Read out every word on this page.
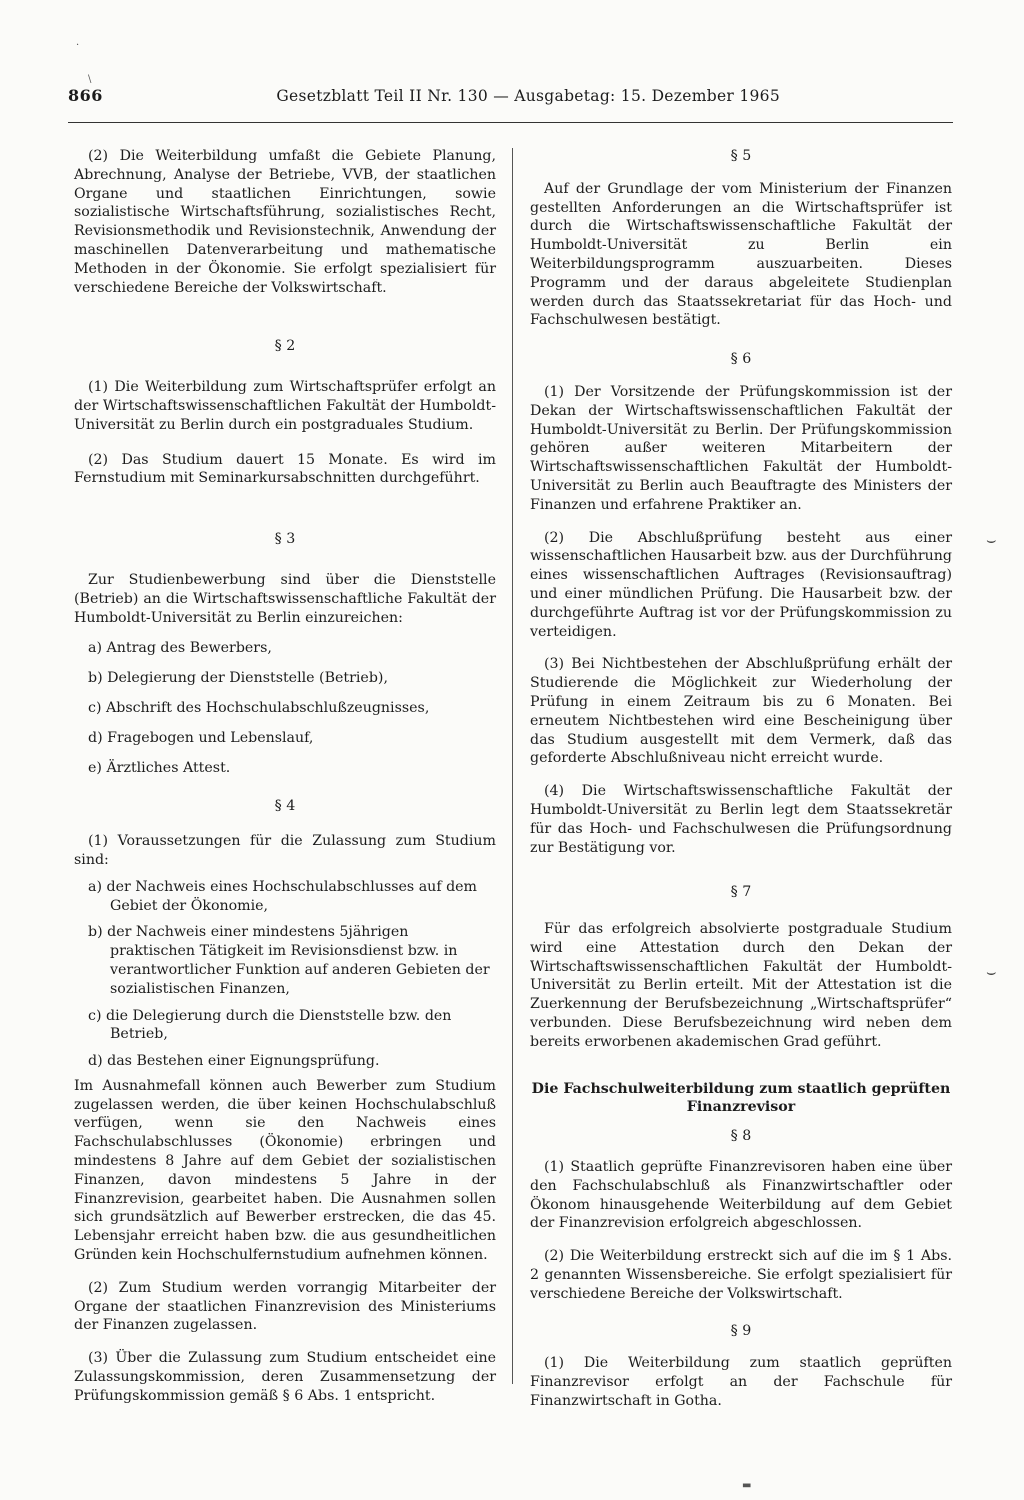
866	Gesetzblatt Teil II Nr. 130 — Ausgabetag: 15. Dezember 1965
·
\
⌣
⌣
▬

(2) Die Weiterbildung umfaßt die Gebiete Planung, Abrechnung, Analyse der Betriebe, VVB, der staatlichen Organe und staatlichen Einrichtungen, sowie sozialistische Wirtschaftsführung, sozialistisches Recht, Revisionsmethodik und Revisionstechnik, Anwendung der maschinellen Datenverarbeitung und mathematische Methoden in der Ökonomie. Sie erfolgt spezialisiert für verschiedene Bereiche der Volkswirtschaft.

§ 2

(1) Die Weiterbildung zum Wirtschaftsprüfer erfolgt an der Wirtschaftswissenschaftlichen Fakultät der Humboldt-Universität zu Berlin durch ein postgraduales Studium.

(2) Das Studium dauert 15 Monate. Es wird im Fernstudium mit Seminarkursabschnitten durchgeführt.

§ 3

Zur Studienbewerbung sind über die Dienststelle (Betrieb) an die Wirtschaftswissenschaftliche Fakultät der Humboldt-Universität zu Berlin einzureichen:

a) Antrag des Bewerbers,

b) Delegierung der Dienststelle (Betrieb),

c) Abschrift des Hochschulabschlußzeugnisses,

d) Fragebogen und Lebenslauf,

e) Ärztliches Attest.

§ 4

(1) Voraussetzungen für die Zulassung zum Studium sind:

a) der Nachweis eines Hochschulabschlusses auf dem Gebiet der Ökonomie,

b) der Nachweis einer mindestens 5jährigen praktischen Tätigkeit im Revisionsdienst bzw. in verantwortlicher Funktion auf anderen Gebieten der sozialistischen Finanzen,

c) die Delegierung durch die Dienststelle bzw. den Betrieb,

d) das Bestehen einer Eignungsprüfung.

Im Ausnahmefall können auch Bewerber zum Studium zugelassen werden, die über keinen Hochschulabschluß verfügen, wenn sie den Nachweis eines Fachschulabschlusses (Ökonomie) erbringen und mindestens 8 Jahre auf dem Gebiet der sozialistischen Finanzen, davon mindestens 5 Jahre in der Finanzrevision, gearbeitet haben. Die Ausnahmen sollen sich grundsätzlich auf Bewerber erstrecken, die das 45. Lebensjahr erreicht haben bzw. die aus gesundheitlichen Gründen kein Hochschulfernstudium aufnehmen können.

(2) Zum Studium werden vorrangig Mitarbeiter der Organe der staatlichen Finanzrevision des Ministeriums der Finanzen zugelassen.

(3) Über die Zulassung zum Studium entscheidet eine Zulassungskommission, deren Zusammensetzung der Prüfungskommission gemäß § 6 Abs. 1 entspricht.

§ 5

Auf der Grundlage der vom Ministerium der Finanzen gestellten Anforderungen an die Wirtschaftsprüfer ist durch die Wirtschaftswissenschaftliche Fakultät der Humboldt-Universität zu Berlin ein Weiterbildungsprogramm auszuarbeiten. Dieses Programm und der daraus abgeleitete Studienplan werden durch das Staatssekretariat für das Hoch- und Fachschulwesen bestätigt.

§ 6

(1) Der Vorsitzende der Prüfungskommission ist der Dekan der Wirtschaftswissenschaftlichen Fakultät der Humboldt-Universität zu Berlin. Der Prüfungskommission gehören außer weiteren Mitarbeitern der Wirtschaftswissenschaftlichen Fakultät der Humboldt-Universität zu Berlin auch Beauftragte des Ministers der Finanzen und erfahrene Praktiker an.

(2) Die Abschlußprüfung besteht aus einer wissenschaftlichen Hausarbeit bzw. aus der Durchführung eines wissenschaftlichen Auftrages (Revisionsauftrag) und einer mündlichen Prüfung. Die Hausarbeit bzw. der durchgeführte Auftrag ist vor der Prüfungskommission zu verteidigen.

(3) Bei Nichtbestehen der Abschlußprüfung erhält der Studierende die Möglichkeit zur Wiederholung der Prüfung in einem Zeitraum bis zu 6 Monaten. Bei erneutem Nichtbestehen wird eine Bescheinigung über das Studium ausgestellt mit dem Vermerk, daß das geforderte Abschlußniveau nicht erreicht wurde.

(4) Die Wirtschaftswissenschaftliche Fakultät der Humboldt-Universität zu Berlin legt dem Staatssekretär für das Hoch- und Fachschulwesen die Prüfungsordnung zur Bestätigung vor.

§ 7

Für das erfolgreich absolvierte postgraduale Studium wird eine Attestation durch den Dekan der Wirtschaftswissenschaftlichen Fakultät der Humboldt-Universität zu Berlin erteilt. Mit der Attestation ist die Zuerkennung der Berufsbezeichnung „Wirtschaftsprüfer“ verbunden. Diese Berufsbezeichnung wird neben dem bereits erworbenen akademischen Grad geführt.

Die Fachschulweiterbildung zum staatlich geprüften Finanzrevisor

§ 8

(1) Staatlich geprüfte Finanzrevisoren haben eine über den Fachschulabschluß als Finanzwirtschaftler oder Ökonom hinausgehende Weiterbildung auf dem Gebiet der Finanzrevision erfolgreich abgeschlossen.

(2) Die Weiterbildung erstreckt sich auf die im § 1 Abs. 2 genannten Wissensbereiche. Sie erfolgt spezialisiert für verschiedene Bereiche der Volkswirtschaft.

§ 9

(1) Die Weiterbildung zum staatlich geprüften Finanzrevisor erfolgt an der Fachschule für Finanzwirtschaft in Gotha.
